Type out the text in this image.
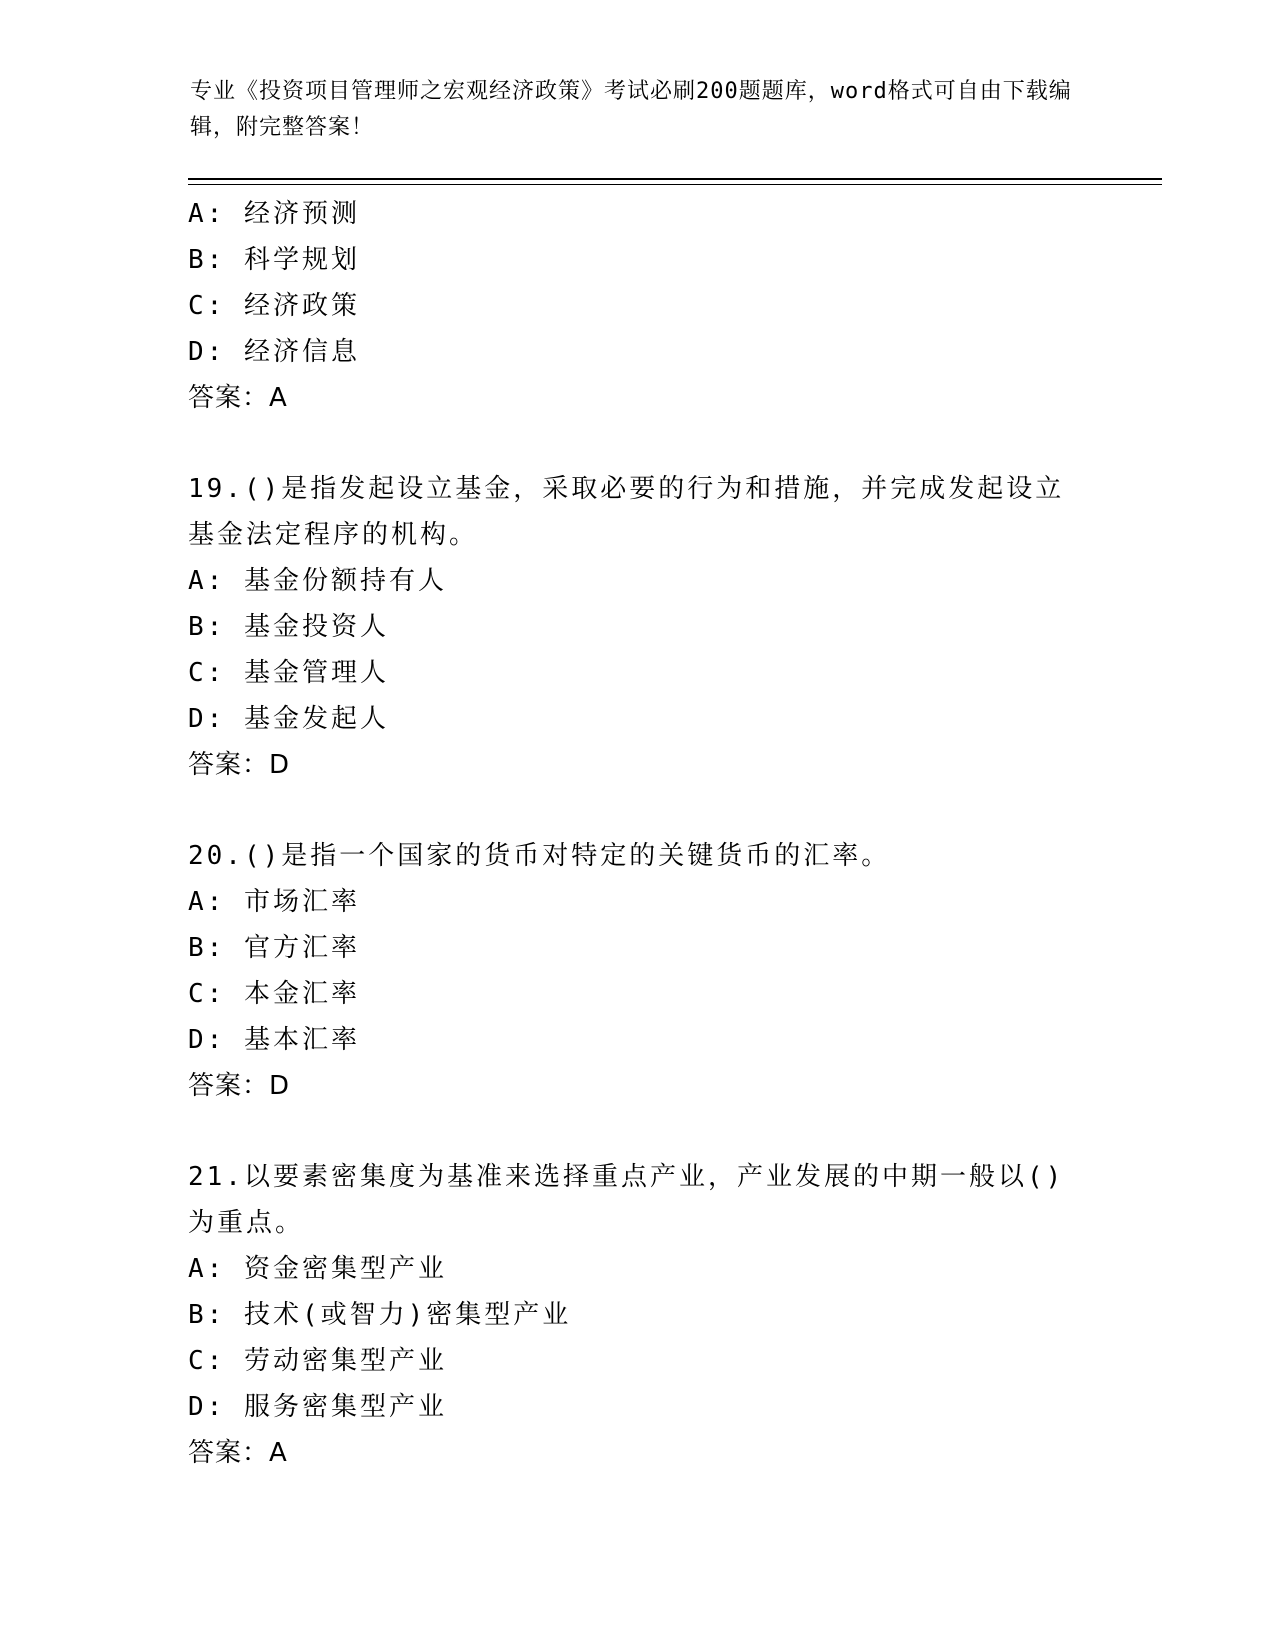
专业《投资项目管理师之宏观经济政策》考试必刷200题题库，word格式可自由下载编辑，附完整答案！
A: 经济预测
B: 科学规划
C: 经济政策
D: 经济信息
答案：A
19.()是指发起设立基金，采取必要的行为和措施，并完成发起设立基金法定程序的机构。
A: 基金份额持有人
B: 基金投资人
C: 基金管理人
D: 基金发起人
答案：D
20.()是指一个国家的货币对特定的关键货币的汇率。
A: 市场汇率
B: 官方汇率
C: 本金汇率
D: 基本汇率
答案：D
21.以要素密集度为基准来选择重点产业，产业发展的中期一般以()为重点。
A: 资金密集型产业
B: 技术(或智力)密集型产业
C: 劳动密集型产业
D: 服务密集型产业
答案：A
